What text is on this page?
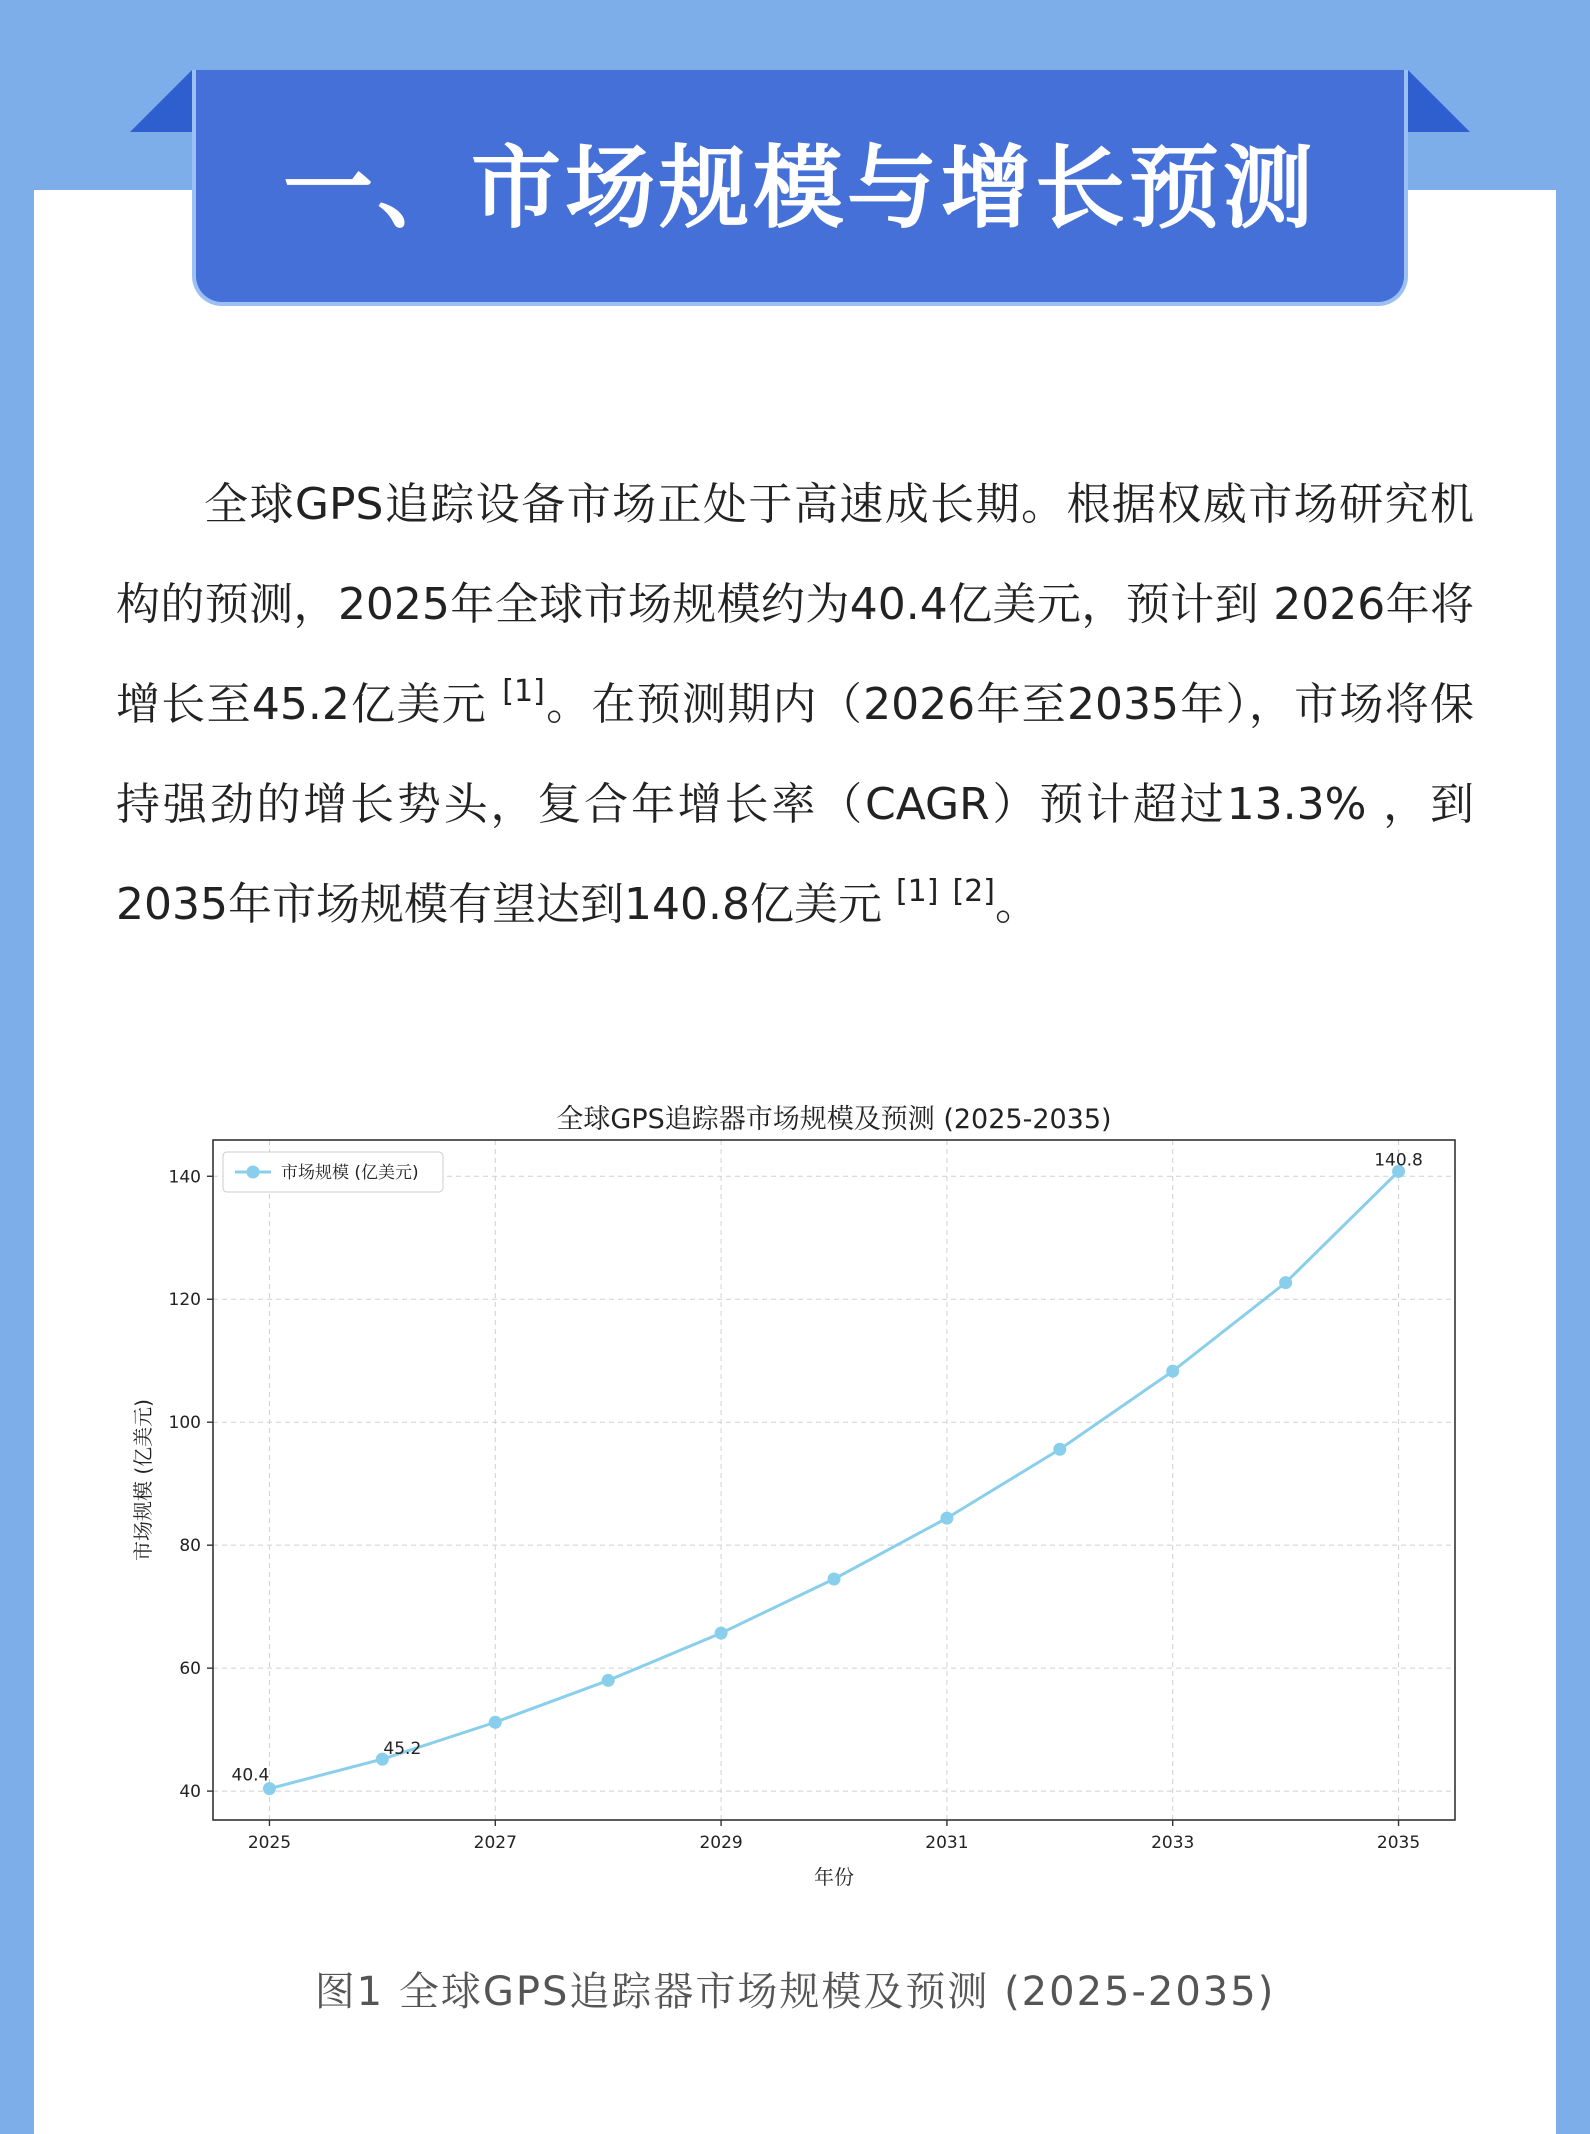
一、市场规模与增长预测

全球GPS追踪设备市场正处于高速成长期。根据权威市场研究机构的预测，2025年全球市场规模约为40.4亿美元，预计到 2026年将增长至45.2亿美元 [1]。在预测期内（2026年至2035年），市场将保持强劲的增长势头，复合年增长率（CAGR）预计超过13.3% ，到2035年市场规模有望达到140.8亿美元 [1] [2]。

40
60
80
100
120
140
2025	2027	2029	2031	2033	2035
全球GPS追踪器市场规模及预测 (2025-2035)
年份
市场规模 (亿美元)
40.4
45.2
140.8
市场规模 (亿美元)
图1 全球GPS追踪器市场规模及预测 (2025-2035)
